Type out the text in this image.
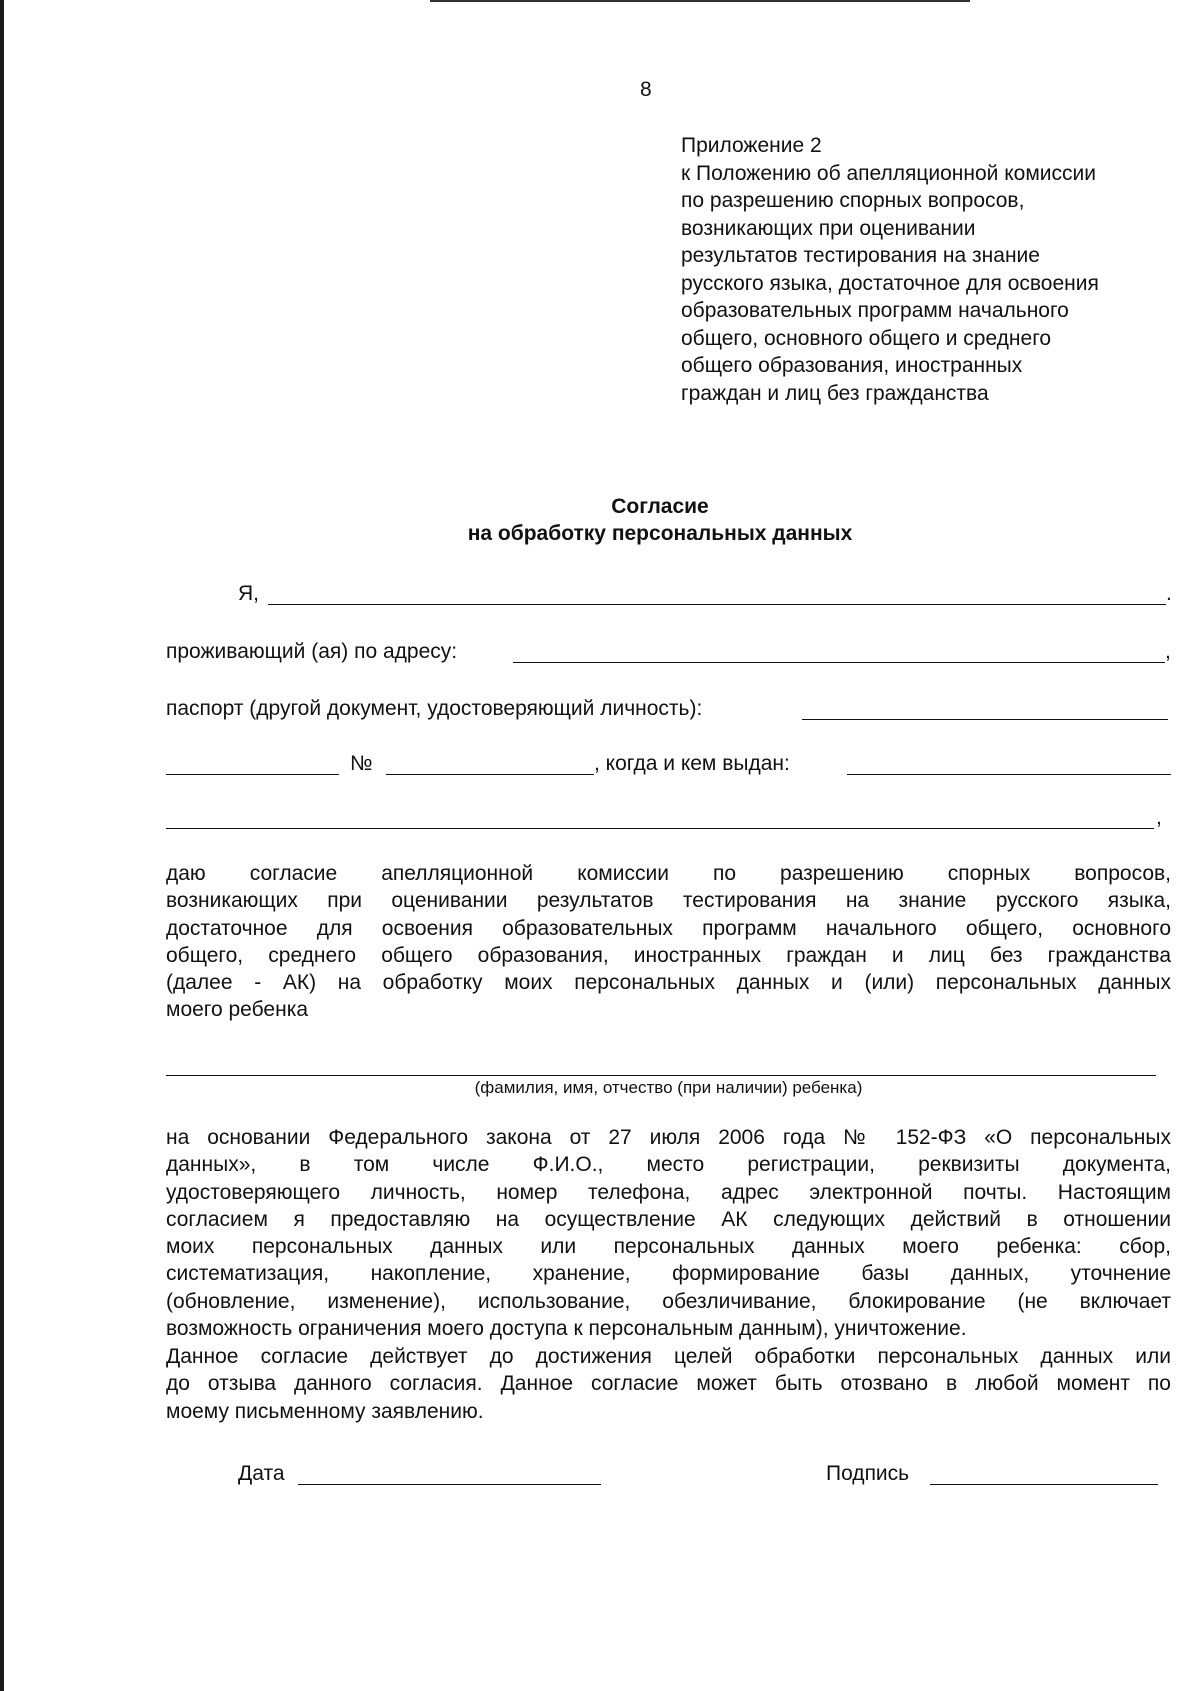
8
Приложение 2
к Положению об апелляционной комиссии
по разрешению спорных вопросов,
возникающих при оценивании
результатов тестирования на знание
русского языка, достаточное для освоения
образовательных программ начального
общего, основного общего и среднего
общего образования, иностранных
граждан и лиц без гражданства
Согласие
на обработку персональных данных
Я,	.
проживающий (ая) по адресу:	,
паспорт (другой документ, удостоверяющий личность):
№	, когда и кем выдан:
,
даю согласие апелляционной комиссии по разрешению спорных вопросов,
возникающих при оценивании результатов тестирования на знание русского языка,
достаточное для освоения образовательных программ начального общего, основного
общего, среднего общего образования, иностранных граждан и лиц без гражданства
(далее - АК) на обработку моих персональных данных и (или) персональных данных
моего ребенка
(фамилия, имя, отчество (при наличии) ребенка)
на основании Федерального закона от 27 июля 2006 года № 152-ФЗ «О персональных
данных», в том числе Ф.И.О., место регистрации, реквизиты документа,
удостоверяющего личность, номер телефона, адрес электронной почты. Настоящим
согласием я предоставляю на осуществление АК следующих действий в отношении
моих персональных данных или персональных данных моего ребенка: сбор,
систематизация, накопление, хранение, формирование базы данных, уточнение
(обновление, изменение), использование, обезличивание, блокирование (не включает
возможность ограничения моего доступа к персональным данным), уничтожение.
Данное согласие действует до достижения целей обработки персональных данных или
до отзыва данного согласия. Данное согласие может быть отозвано в любой момент по
моему письменному заявлению.
Дата	Подпись
